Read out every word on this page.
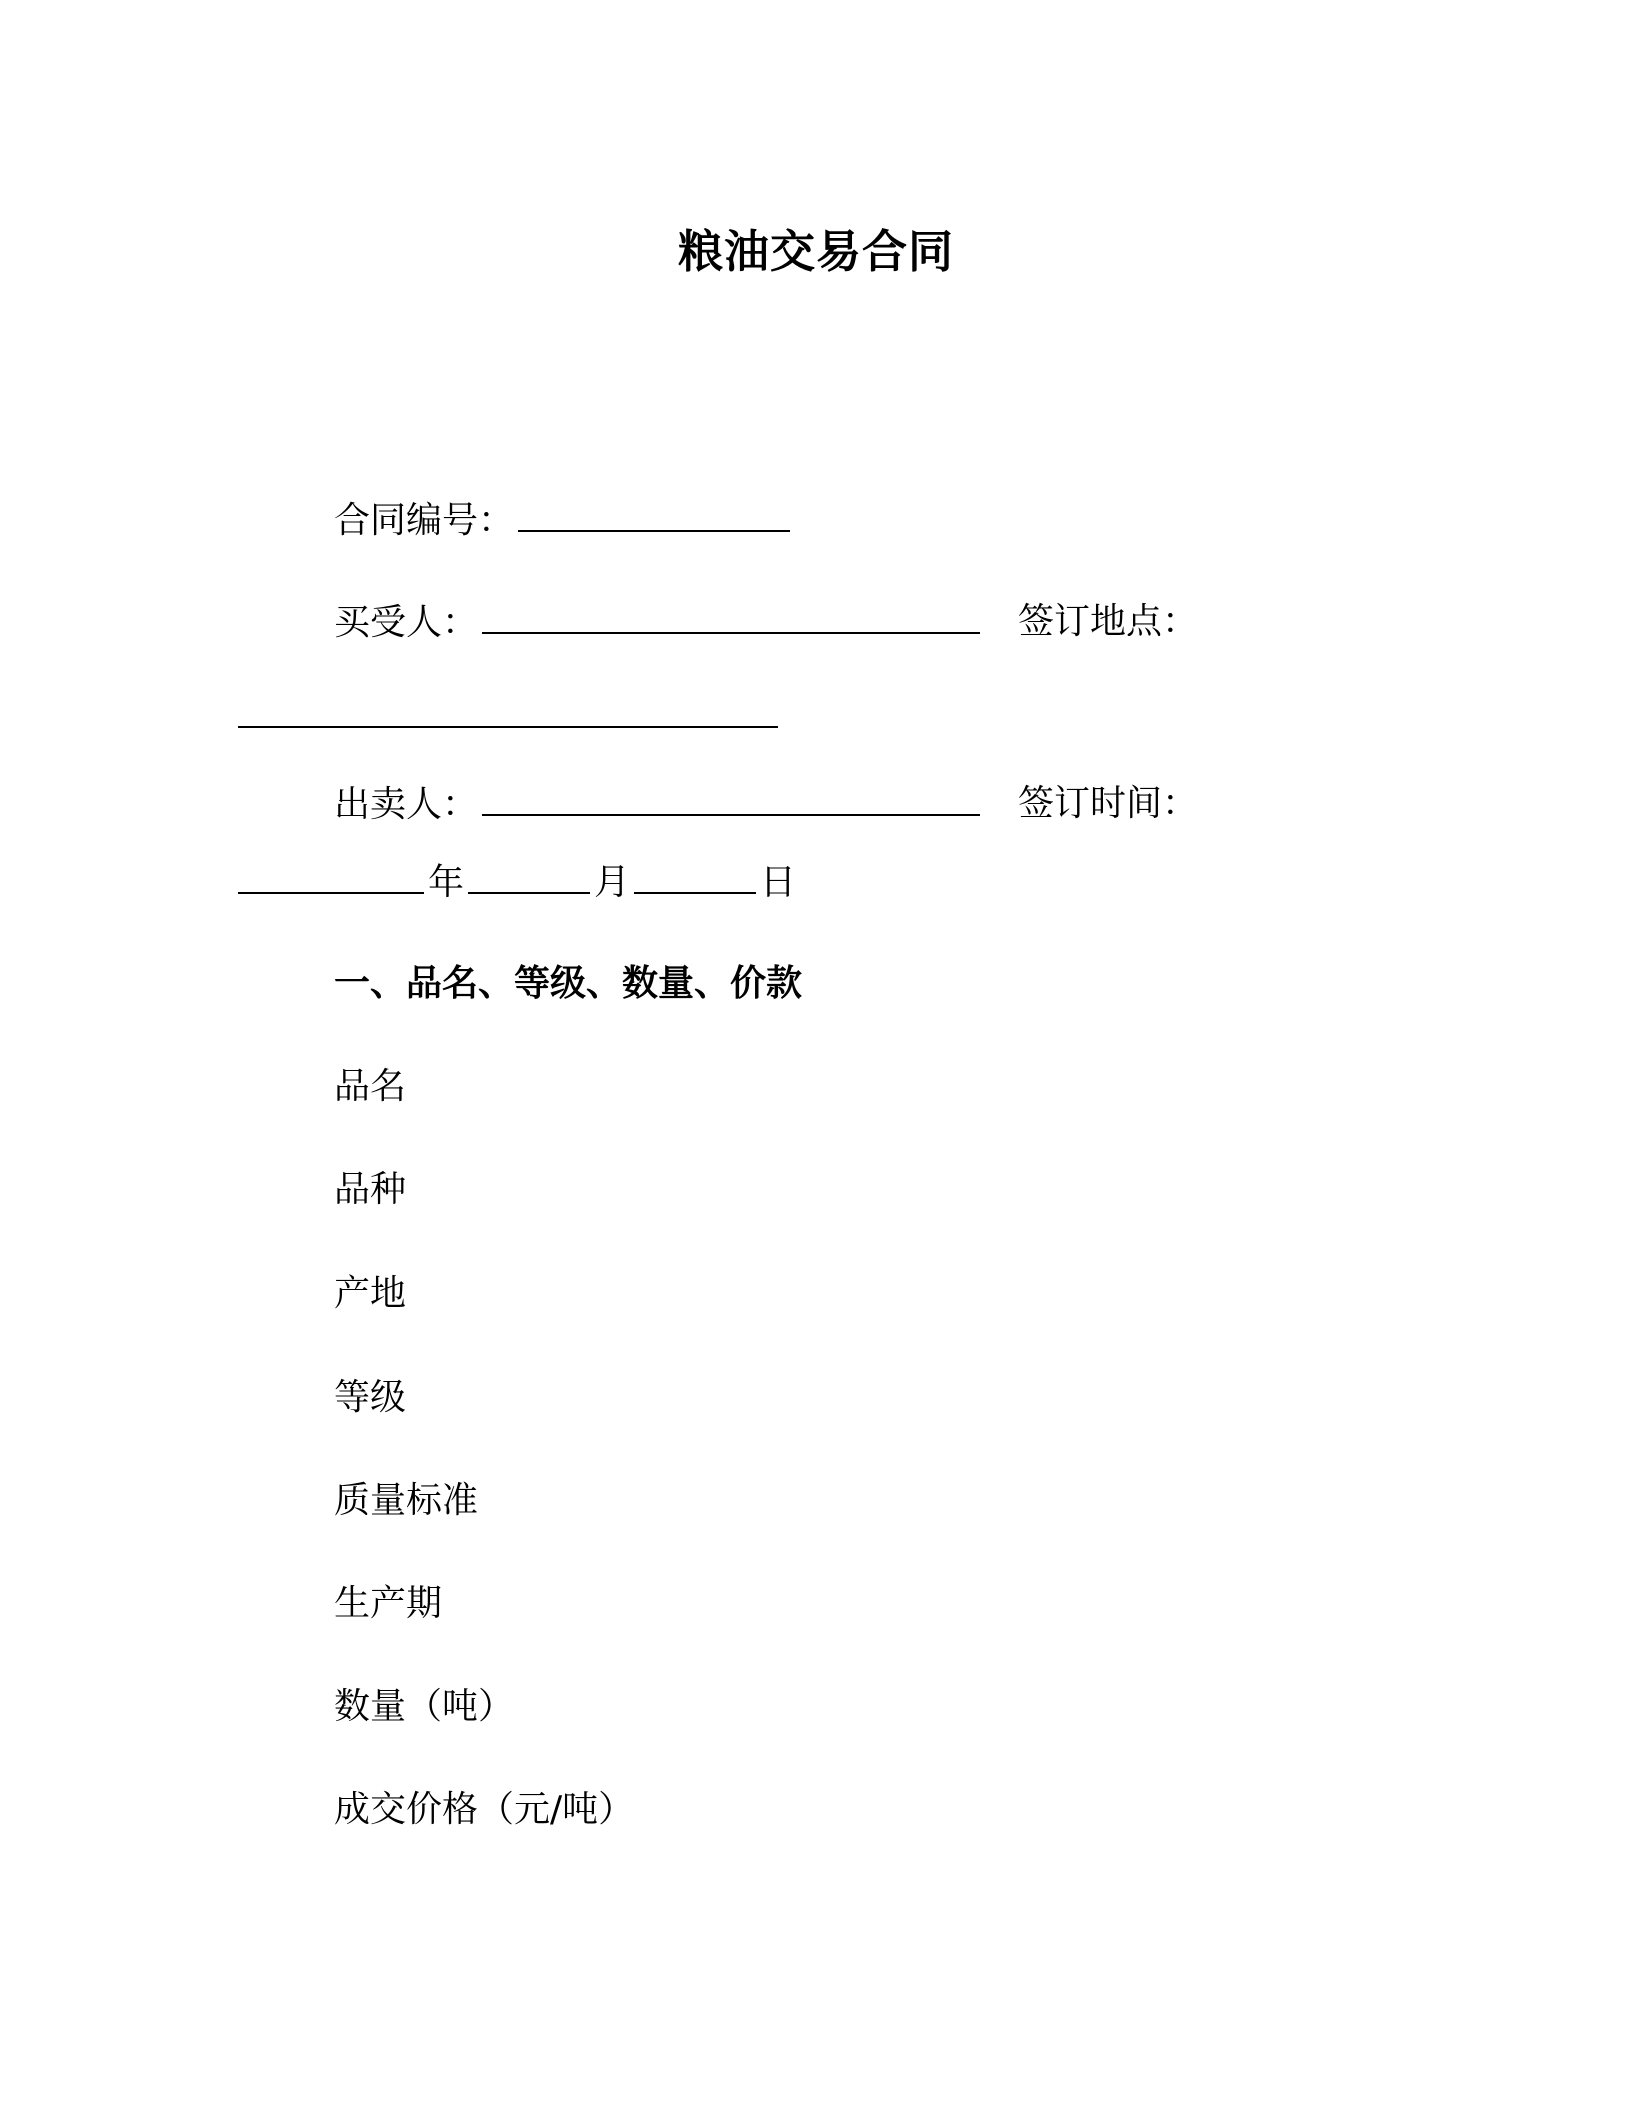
粮油交易合同
合同编号：
买受人：	签订地点：
出卖人：	签订时间：
年	月	日
一、品名、等级、数量、价款
品名
品种
产地
等级
质量标准
生产期
数量（吨）
成交价格（元/吨）
